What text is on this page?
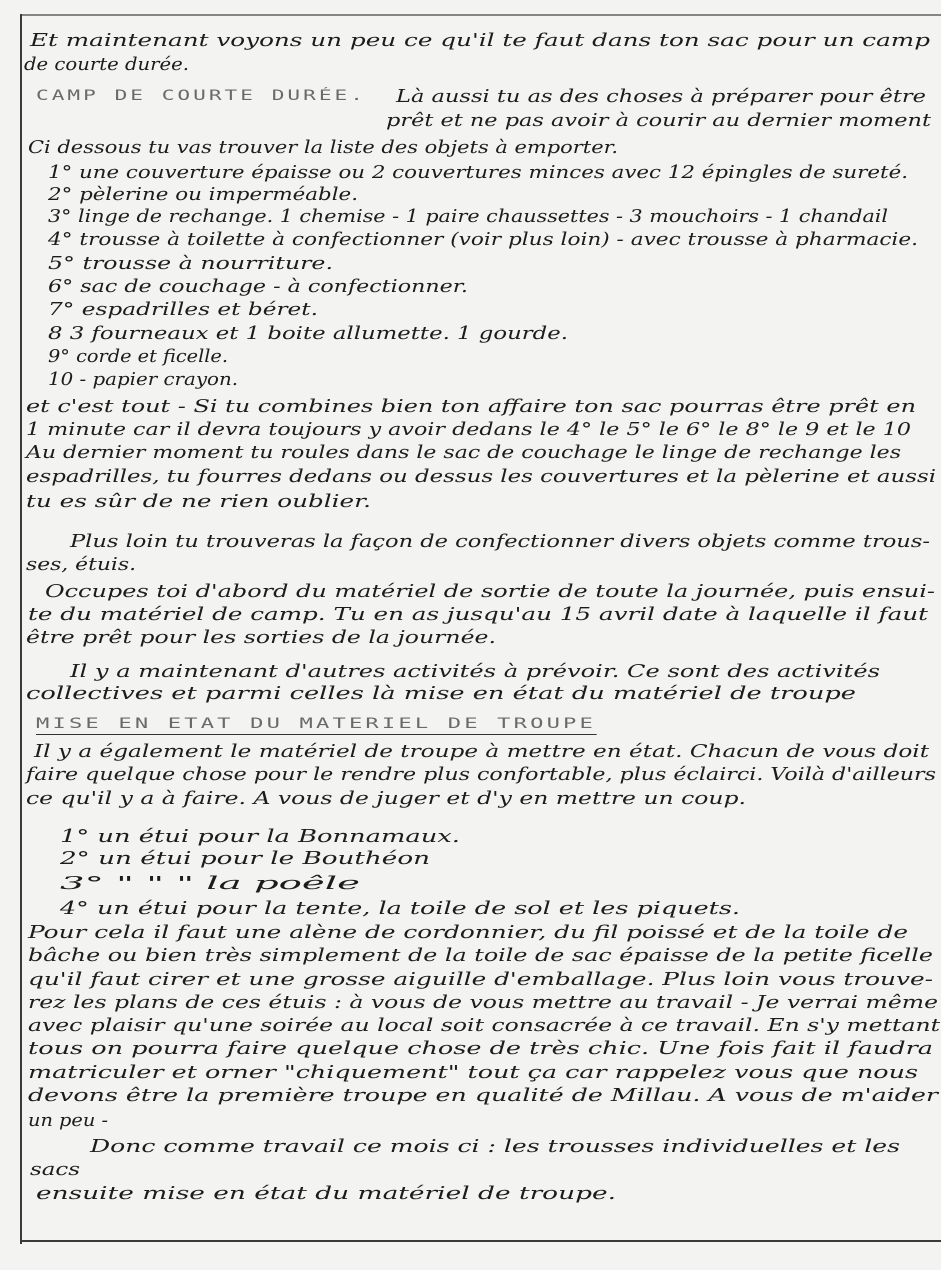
Et maintenant voyons un peu ce qu'il te faut dans ton sac pour un camp
de courte durée.
CAMP DE COURTE DURÉE. Là aussi tu as des choses à préparer pour être
prêt et ne pas avoir à courir au dernier moment
Ci dessous tu vas trouver la liste des objets à emporter.
1° une couverture épaisse ou 2 couvertures minces avec 12 épingles de sureté.
2° pèlerine ou imperméable.
3° linge de rechange. 1 chemise - 1 paire chaussettes - 3 mouchoirs - 1 chandail
4° trousse à toilette à confectionner (voir plus loin) - avec trousse à pharmacie.
5° trousse à nourriture.
6° sac de couchage - à confectionner.
7° espadrilles et béret.
8 3 fourneaux et 1 boite allumette. 1 gourde.
9° corde et ficelle.
10 - papier crayon.
et c'est tout - Si tu combines bien ton affaire ton sac pourras être prêt en
1 minute car il devra toujours y avoir dedans le 4° le 5° le 6° le 8° le 9 et le 10
Au dernier moment tu roules dans le sac de couchage le linge de rechange les
espadrilles, tu fourres dedans ou dessus les couvertures et la pèlerine et aussi
tu es sûr de ne rien oublier.
Plus loin tu trouveras la façon de confectionner divers objets comme trous-
ses, étuis.
Occupes toi d'abord du matériel de sortie de toute la journée, puis ensui-
te du matériel de camp. Tu en as jusqu'au 15 avril date à laquelle il faut
être prêt pour les sorties de la journée.
Il y a maintenant d'autres activités à prévoir. Ce sont des activités
collectives et parmi celles là mise en état du matériel de troupe
MISE EN ETAT DU MATERIEL DE TROUPE
Il y a également le matériel de troupe à mettre en état. Chacun de vous doit
faire quelque chose pour le rendre plus confortable, plus éclairci. Voilà d'ailleurs
ce qu'il y a à faire. A vous de juger et d'y en mettre un coup.
1° un étui pour la Bonnamaux.
2° un étui pour le Bouthéon
3° " " " la poêle
4° un étui pour la tente, la toile de sol et les piquets.
Pour cela il faut une alène de cordonnier, du fil poissé et de la toile de
bâche ou bien très simplement de la toile de sac épaisse de la petite ficelle
qu'il faut cirer et une grosse aiguille d'emballage. Plus loin vous trouve-
rez les plans de ces étuis : à vous de vous mettre au travail - Je verrai même
avec plaisir qu'une soirée au local soit consacrée à ce travail. En s'y mettant
tous on pourra faire quelque chose de très chic. Une fois fait il faudra
matriculer et orner "chiquement" tout ça car rappelez vous que nous
devons être la première troupe en qualité de Millau. A vous de m'aider
un peu -
Donc comme travail ce mois ci : les trousses individuelles et les
sacs
ensuite mise en état du matériel de troupe.
